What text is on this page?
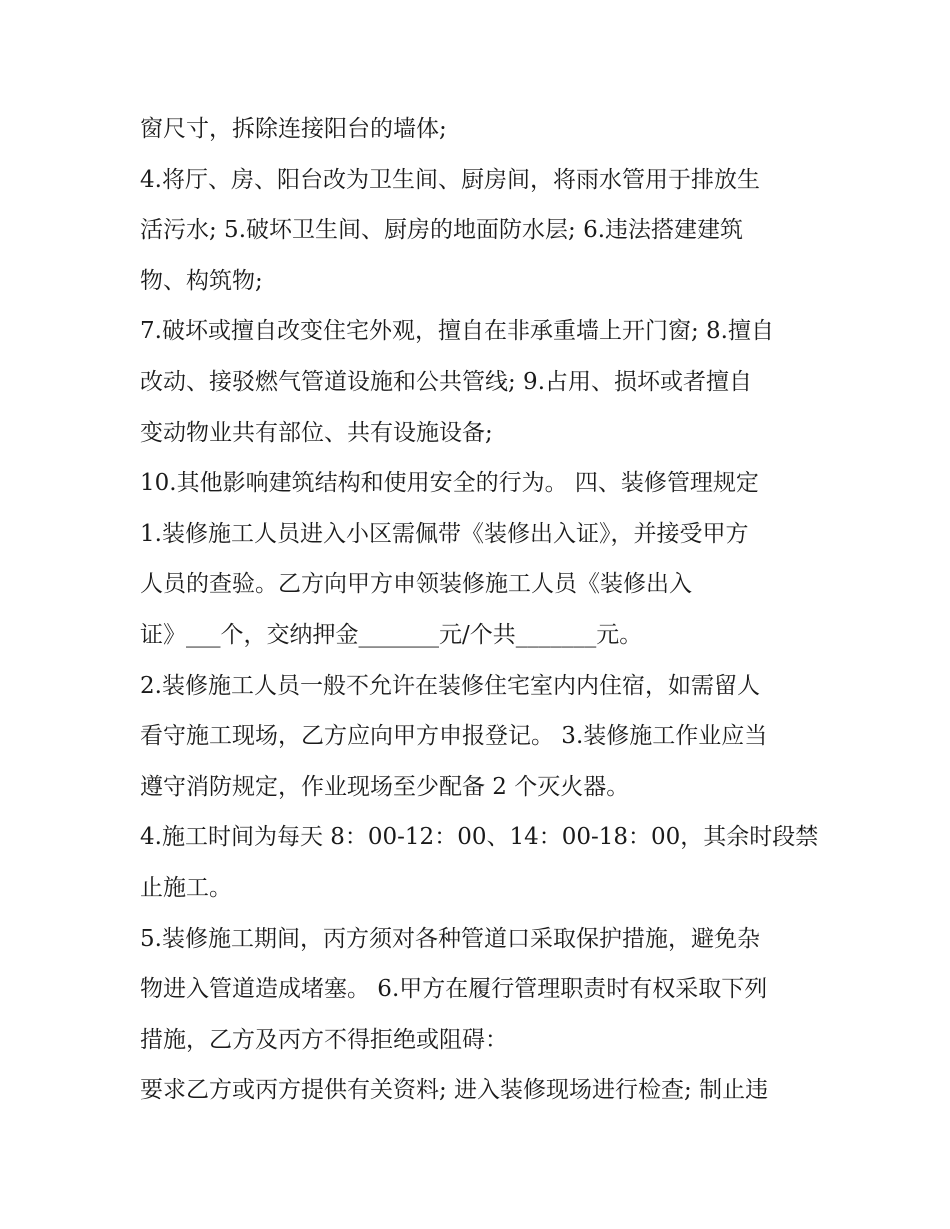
窗尺寸，拆除连接阳台的墙体;
4.将厅、房、阳台改为卫生间、厨房间，将雨水管用于排放生
活污水; 5.破坏卫生间、厨房的地面防水层; 6.违法搭建建筑
物、构筑物;
7.破坏或擅自改变住宅外观，擅自在非承重墙上开门窗; 8.擅自
改动、接驳燃气管道设施和公共管线; 9.占用、损坏或者擅自
变动物业共有部位、共有设施设备;
10.其他影响建筑结构和使用安全的行为。 四、装修管理规定
1.装修施工人员进入小区需佩带《装修出入证》，并接受甲方
人员的查验。乙方向甲方申领装修施工人员《装修出入
证》___个，交纳押金_______元/个共_______元。
2.装修施工人员一般不允许在装修住宅室内内住宿，如需留人
看守施工现场，乙方应向甲方申报登记。 3.装修施工作业应当
遵守消防规定，作业现场至少配备 2 个灭火器。
4.施工时间为每天 8：00-12：00、14：00-18：00，其余时段禁
止施工。
5.装修施工期间，丙方须对各种管道口采取保护措施，避免杂
物进入管道造成堵塞。 6.甲方在履行管理职责时有权采取下列
措施，乙方及丙方不得拒绝或阻碍：
要求乙方或丙方提供有关资料; 进入装修现场进行检查; 制止违
